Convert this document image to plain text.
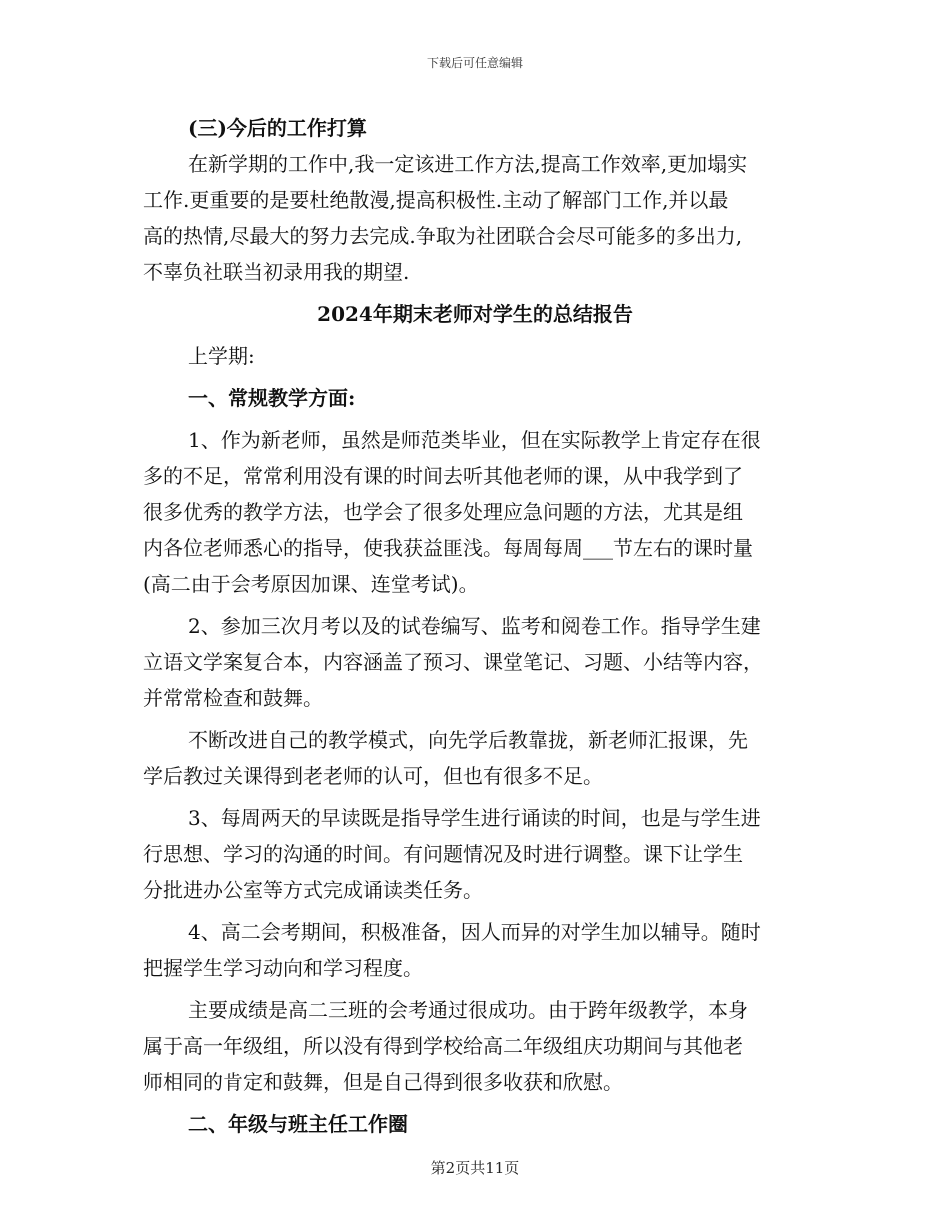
下载后可任意编辑
(三)今后的工作打算
在新学期的工作中,我一定该进工作方法,提高工作效率,更加塌实
工作.更重要的是要杜绝散漫,提高积极性.主动了解部门工作,并以最
高的热情,尽最大的努力去完成.争取为社团联合会尽可能多的多出力,
不辜负社联当初录用我的期望.
2024年期末老师对学生的总结报告
上学期:
一、常规教学方面:
1、作为新老师，虽然是师范类毕业，但在实际教学上肯定存在很
多的不足，常常利用没有课的时间去听其他老师的课，从中我学到了
很多优秀的教学方法，也学会了很多处理应急问题的方法，尤其是组
内各位老师悉心的指导，使我获益匪浅。每周每周___节左右的课时量
(高二由于会考原因加课、连堂考试)。
2、参加三次月考以及的试卷编写、监考和阅卷工作。指导学生建
立语文学案复合本，内容涵盖了预习、课堂笔记、习题、小结等内容，
并常常检查和鼓舞。
不断改进自己的教学模式，向先学后教靠拢，新老师汇报课，先
学后教过关课得到老老师的认可，但也有很多不足。
3、每周两天的早读既是指导学生进行诵读的时间，也是与学生进
行思想、学习的沟通的时间。有问题情况及时进行调整。课下让学生
分批进办公室等方式完成诵读类任务。
4、高二会考期间，积极准备，因人而异的对学生加以辅导。随时
把握学生学习动向和学习程度。
主要成绩是高二三班的会考通过很成功。由于跨年级教学，本身
属于高一年级组，所以没有得到学校给高二年级组庆功期间与其他老
师相同的肯定和鼓舞，但是自己得到很多收获和欣慰。
二、年级与班主任工作圈
第2页共11页
